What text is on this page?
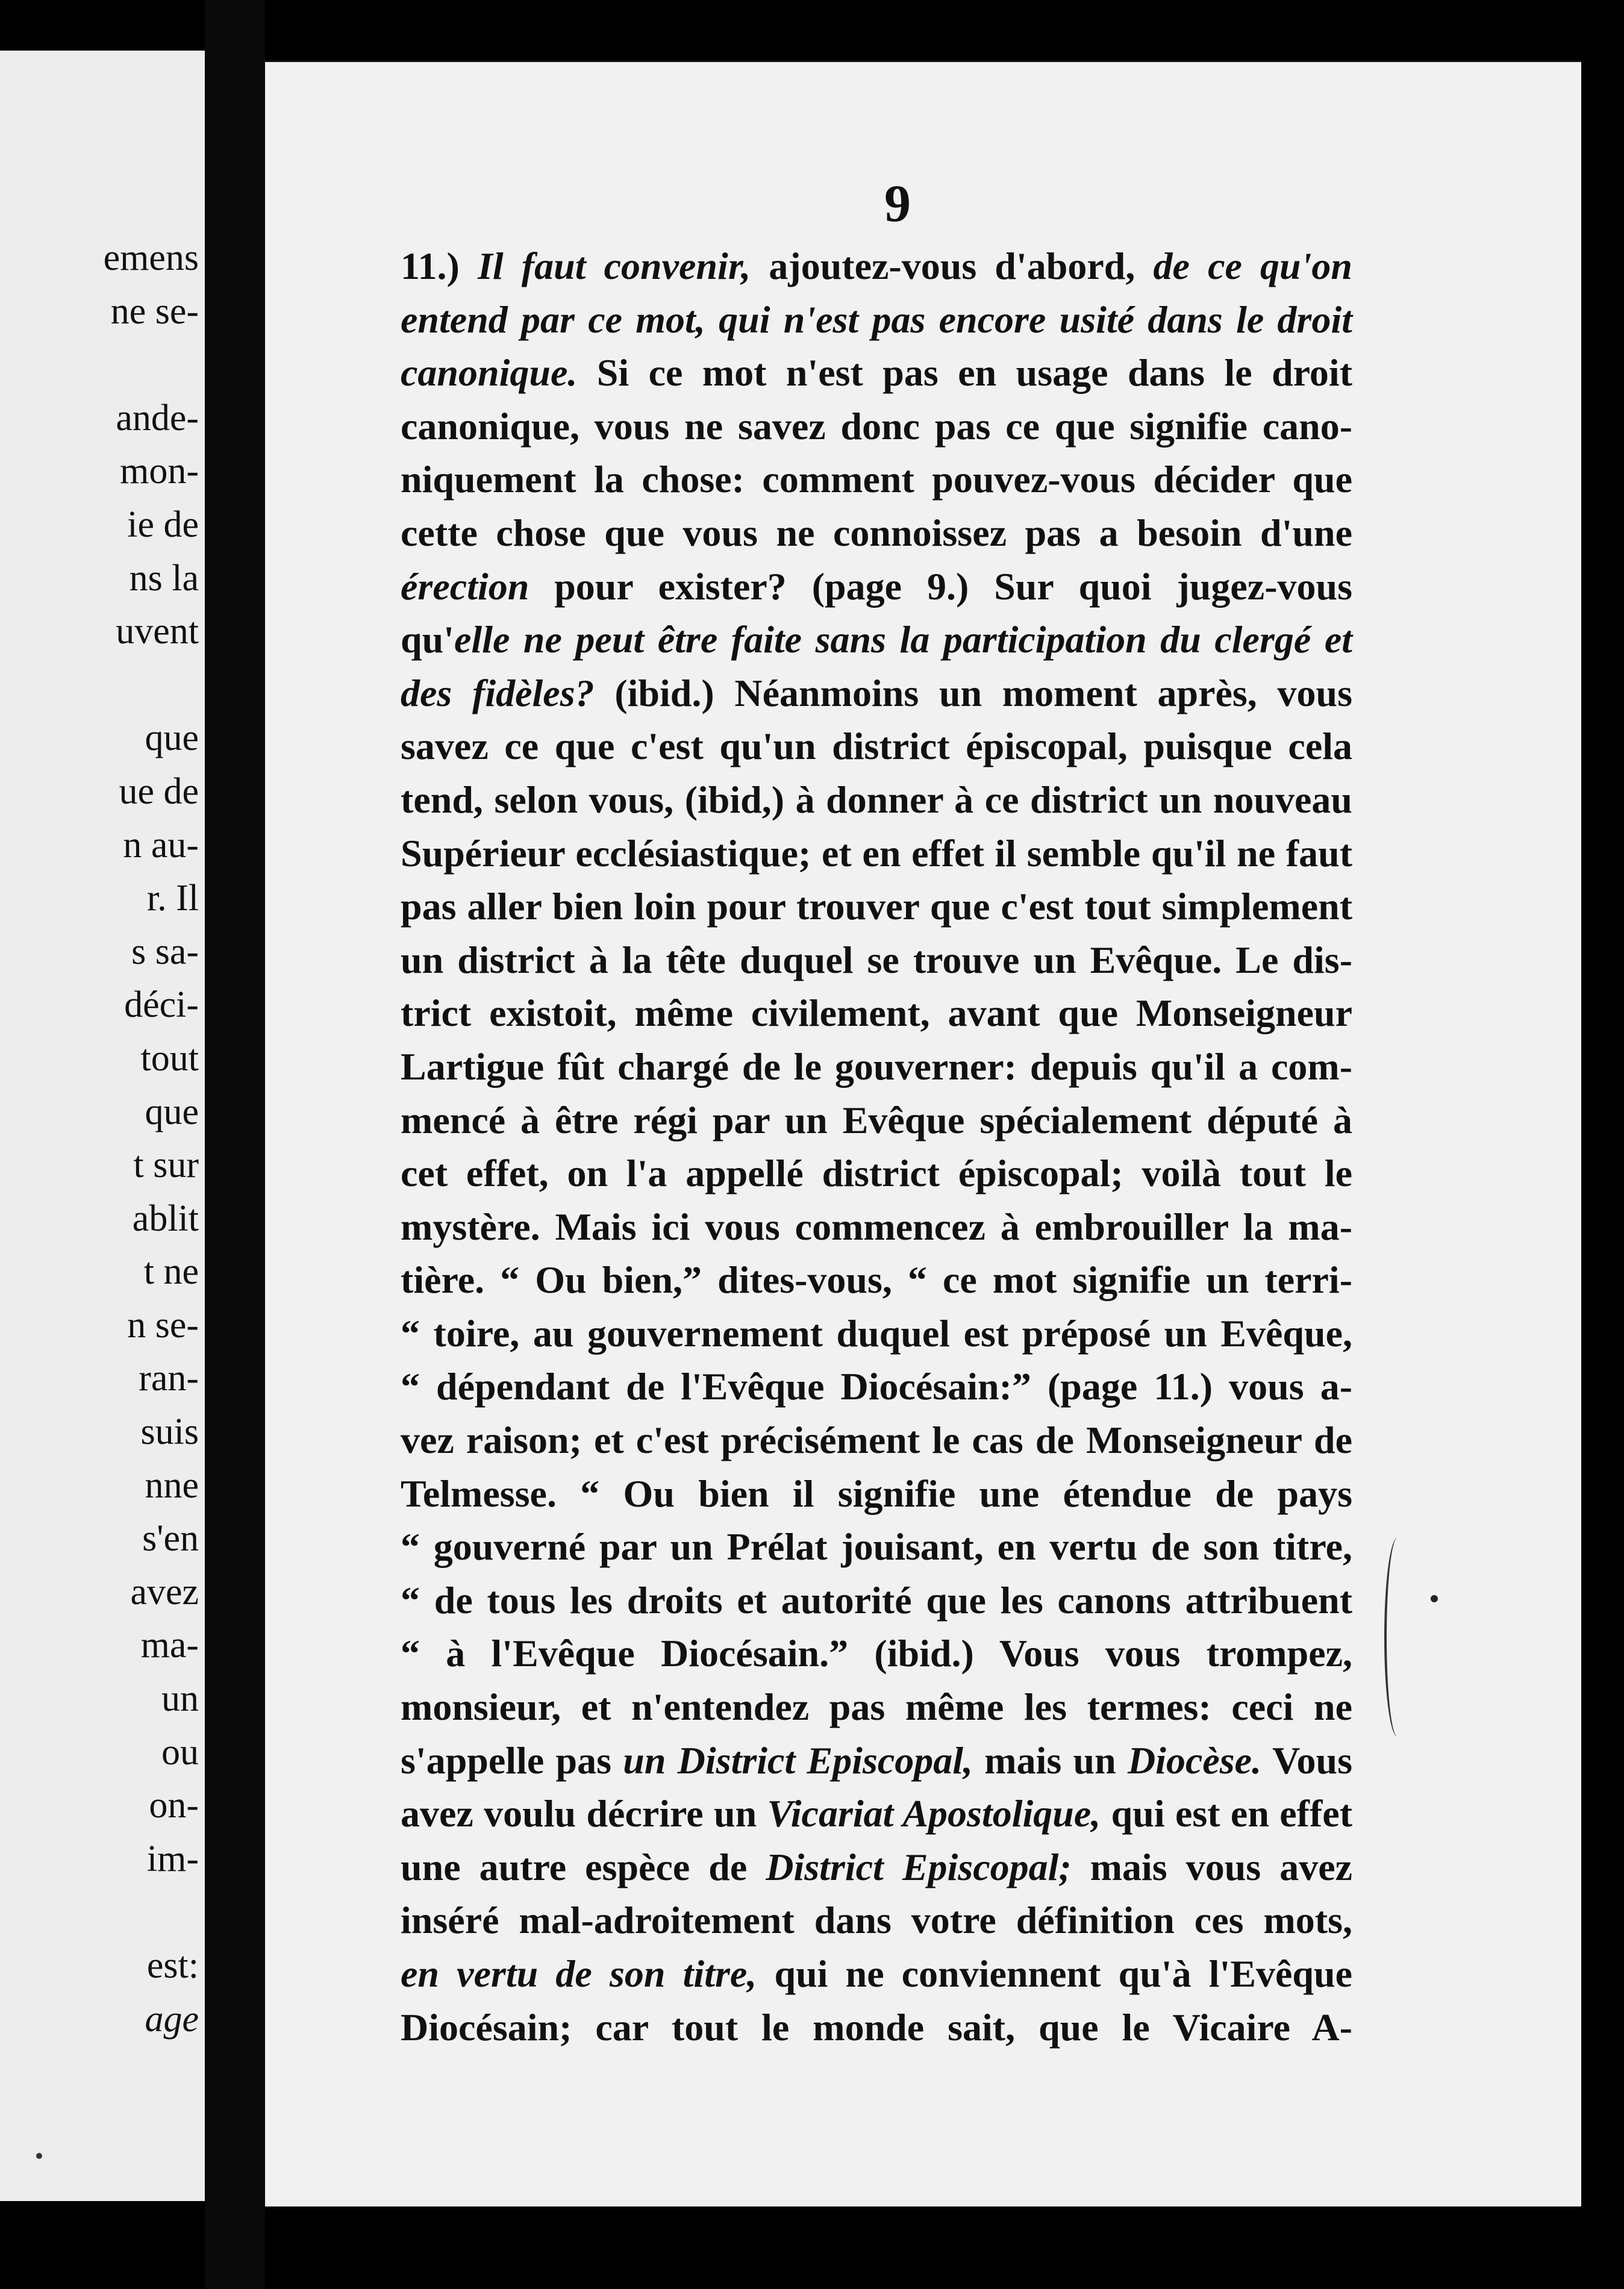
emens
ne se-
ande-
mon-
ie de
ns la
uvent
que
ue de
n au-
r. Il
s sa-
déci-
tout
que
t sur
ablit
t ne
n se-
ran-
suis
nne
s'en
avez
ma-
un
ou
on-
im-
est:
age
9
11.) Il faut convenir, ajoutez-vous d'abord, de ce qu'on
entend par ce mot, qui n'est pas encore usité dans le droit
canonique. Si ce mot n'est pas en usage dans le droit
canonique, vous ne savez donc pas ce que signifie cano-
niquement la chose: comment pouvez-vous décider que
cette chose que vous ne connoissez pas a besoin d'une
érection pour exister? (page 9.) Sur quoi jugez-vous
qu'elle ne peut être faite sans la participation du clergé et
des fidèles? (ibid.) Néanmoins un moment après, vous
savez ce que c'est qu'un district épiscopal, puisque cela
tend, selon vous, (ibid,) à donner à ce district un nouveau
Supérieur ecclésiastique; et en effet il semble qu'il ne faut
pas aller bien loin pour trouver que c'est tout simplement
un district à la tête duquel se trouve un Evêque. Le dis-
trict existoit, même civilement, avant que Monseigneur
Lartigue fût chargé de le gouverner: depuis qu'il a com-
mencé à être régi par un Evêque spécialement député à
cet effet, on l'a appellé district épiscopal; voilà tout le
mystère. Mais ici vous commencez à embrouiller la ma-
tière. “ Ou bien,” dites-vous, “ ce mot signifie un terri-
“ toire, au gouvernement duquel est préposé un Evêque,
“ dépendant de l'Evêque Diocésain:” (page 11.) vous a-
vez raison; et c'est précisément le cas de Monseigneur de
Telmesse. “ Ou bien il signifie une étendue de pays
“ gouverné par un Prélat jouisant, en vertu de son titre,
“ de tous les droits et autorité que les canons attribuent
“ à l'Evêque Diocésain.” (ibid.) Vous vous trompez,
monsieur, et n'entendez pas même les termes: ceci ne
s'appelle pas un District Episcopal, mais un Diocèse. Vous
avez voulu décrire un Vicariat Apostolique, qui est en effet
une autre espèce de District Episcopal; mais vous avez
inséré mal-adroitement dans votre définition ces mots,
en vertu de son titre, qui ne conviennent qu'à l'Evêque
Diocésain; car tout le monde sait, que le Vicaire A-
